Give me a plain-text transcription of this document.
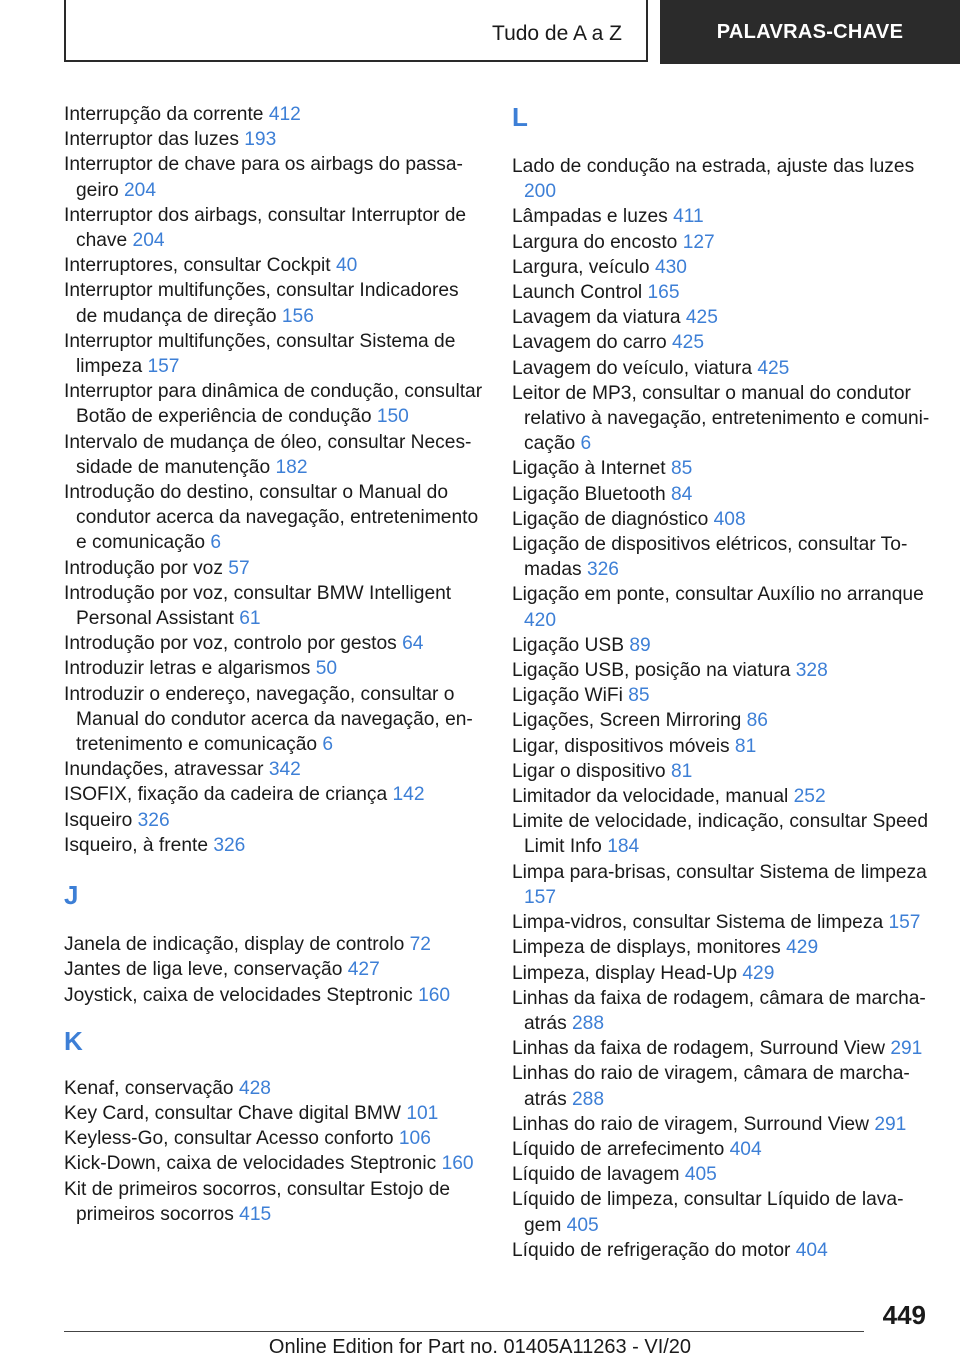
Tudo de A a Z	PALAVRAS-CHAVE
Interrupção da corrente 412
Interruptor das luzes 193
Interruptor de chave para os airbags do passageiro 204
Interruptor dos airbags, consultar Interruptor de chave 204
Interruptores, consultar Cockpit 40
Interruptor multifunções, consultar Indicadores de mudança de direção 156
Interruptor multifunções, consultar Sistema de limpeza 157
Interruptor para dinâmica de condução, consultar Botão de experiência de condução 150
Intervalo de mudança de óleo, consultar Necessidade de manutenção 182
Introdução do destino, consultar o Manual do condutor acerca da navegação, entretenimento e comunicação 6
Introdução por voz 57
Introdução por voz, consultar BMW Intelligent Personal Assistant 61
Introdução por voz, controlo por gestos 64
Introduzir letras e algarismos 50
Introduzir o endereço, navegação, consultar o Manual do condutor acerca da navegação, entretenimento e comunicação 6
Inundações, atravessar 342
ISOFIX, fixação da cadeira de criança 142
Isqueiro 326
Isqueiro, à frente 326
J
Janela de indicação, display de controlo 72
Jantes de liga leve, conservação 427
Joystick, caixa de velocidades Steptronic 160
K
Kenaf, conservação 428
Key Card, consultar Chave digital BMW 101
Keyless-Go, consultar Acesso conforto 106
Kick-Down, caixa de velocidades Steptronic 160
Kit de primeiros socorros, consultar Estojo de primeiros socorros 415
L
Lado de condução na estrada, ajuste das luzes 200
Lâmpadas e luzes 411
Largura do encosto 127
Largura, veículo 430
Launch Control 165
Lavagem da viatura 425
Lavagem do carro 425
Lavagem do veículo, viatura 425
Leitor de MP3, consultar o manual do condutor relativo à navegação, entretenimento e comunicação 6
Ligação à Internet 85
Ligação Bluetooth 84
Ligação de diagnóstico 408
Ligação de dispositivos elétricos, consultar Tomadas 326
Ligação em ponte, consultar Auxílio no arranque 420
Ligação USB 89
Ligação USB, posição na viatura 328
Ligação WiFi 85
Ligações, Screen Mirroring 86
Ligar, dispositivos móveis 81
Ligar o dispositivo 81
Limitador da velocidade, manual 252
Limite de velocidade, indicação, consultar Speed Limit Info 184
Limpa para-brisas, consultar Sistema de limpeza 157
Limpa-vidros, consultar Sistema de limpeza 157
Limpeza de displays, monitores 429
Limpeza, display Head-Up 429
Linhas da faixa de rodagem, câmara de marcha-atrás 288
Linhas da faixa de rodagem, Surround View 291
Linhas do raio de viragem, câmara de marcha-atrás 288
Linhas do raio de viragem, Surround View 291
Líquido de arrefecimento 404
Líquido de lavagem 405
Líquido de limpeza, consultar Líquido de lavagem 405
Líquido de refrigeração do motor 404
449
Online Edition for Part no. 01405A11263 - VI/20
